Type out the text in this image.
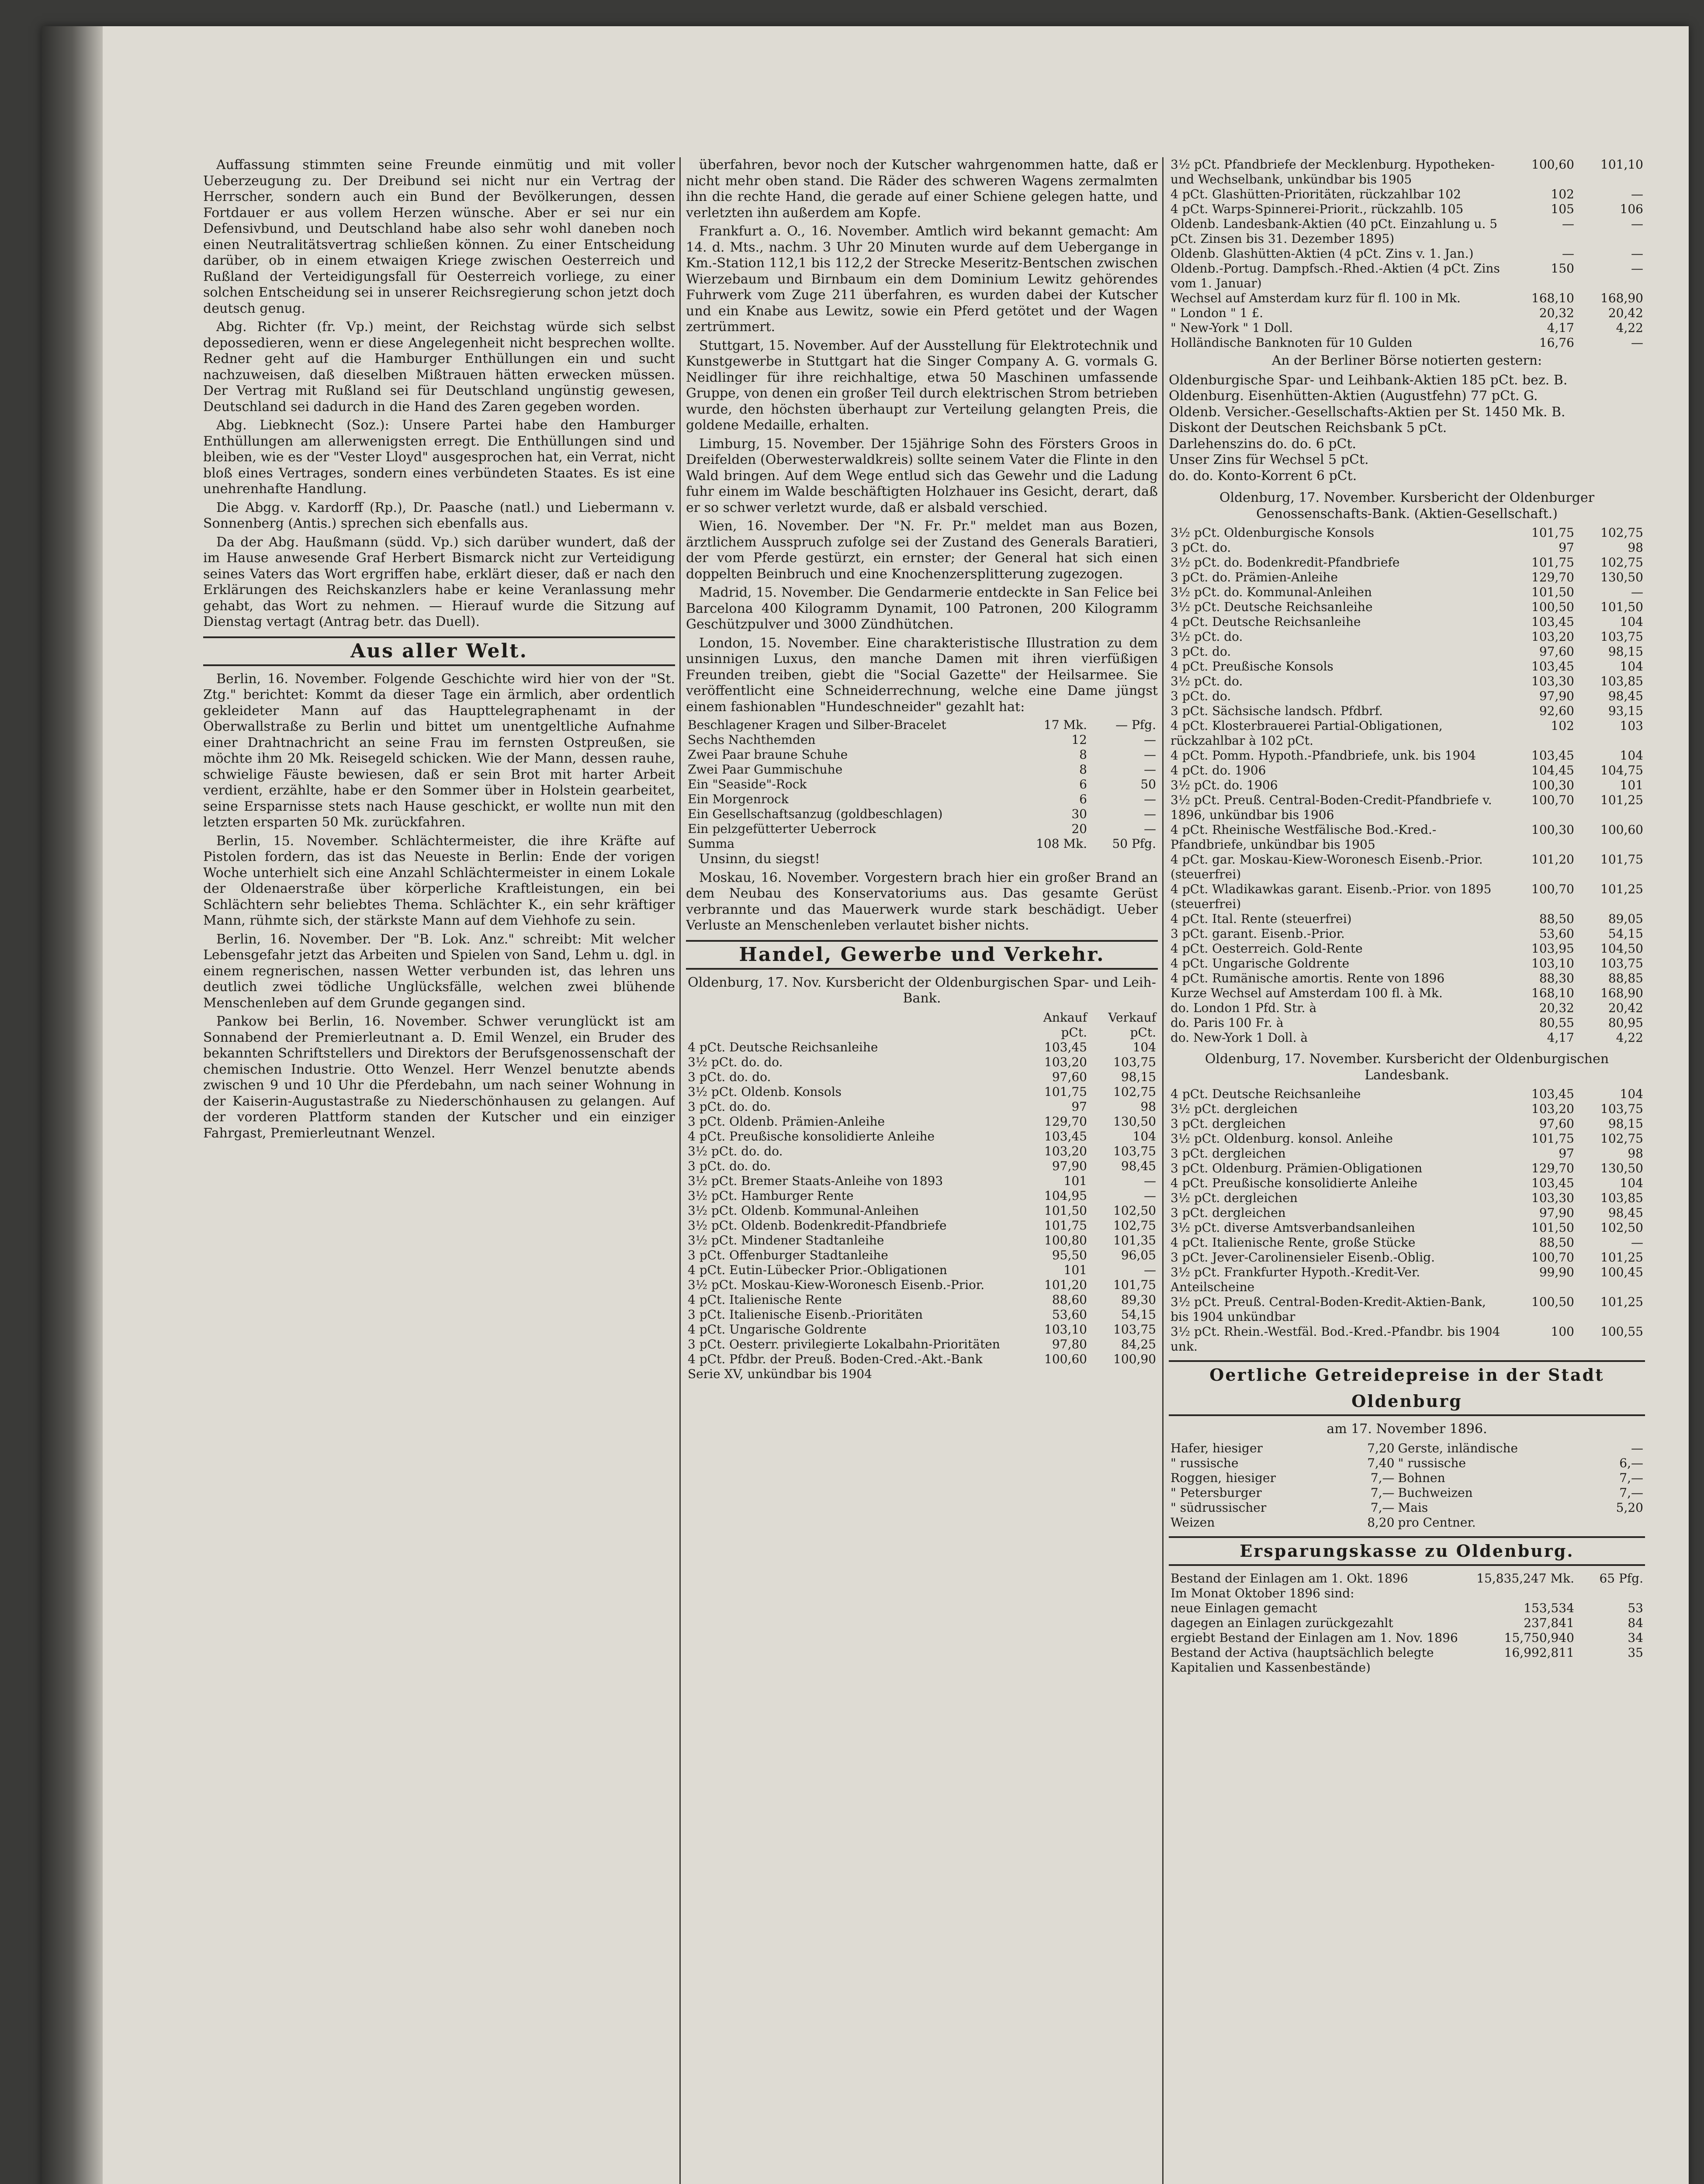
Auffassung stimmten seine Freunde einmütig und mit voller Ueberzeugung zu. Der Dreibund sei nicht nur ein Vertrag der Herrscher, sondern auch ein Bund der Bevölkerungen, dessen Fortdauer er aus vollem Herzen wünsche. Aber er sei nur ein Defensivbund, und Deutschland habe also sehr wohl daneben noch einen Neutralitätsvertrag schließen können. Zu einer Entscheidung darüber, ob in einem etwaigen Kriege zwischen Oesterreich und Rußland der Verteidigungsfall für Oesterreich vorliege, zu einer solchen Entscheidung sei in unserer Reichsregierung schon jetzt doch deutsch genug.

Abg. Richter (fr. Vp.) meint, der Reichstag würde sich selbst depossedieren, wenn er diese Angelegenheit nicht besprechen wollte. Redner geht auf die Hamburger Enthüllungen ein und sucht nachzuweisen, daß dieselben Mißtrauen hätten erwecken müssen. Der Vertrag mit Rußland sei für Deutschland ungünstig gewesen, Deutschland sei dadurch in die Hand des Zaren gegeben worden.

Abg. Liebknecht (Soz.): Unsere Partei habe den Hamburger Enthüllungen am allerwenigsten erregt. Die Enthüllungen sind und bleiben, wie es der "Vester Lloyd" ausgesprochen hat, ein Verrat, nicht bloß eines Vertrages, sondern eines verbündeten Staates. Es ist eine unehrenhafte Handlung.

Die Abgg. v. Kardorff (Rp.), Dr. Paasche (natl.) und Liebermann v. Sonnenberg (Antis.) sprechen sich ebenfalls aus.

Da der Abg. Haußmann (südd. Vp.) sich darüber wundert, daß der im Hause anwesende Graf Herbert Bismarck nicht zur Verteidigung seines Vaters das Wort ergriffen habe, erklärt dieser, daß er nach den Erklärungen des Reichskanzlers habe er keine Veranlassung mehr gehabt, das Wort zu nehmen. — Hierauf wurde die Sitzung auf Dienstag vertagt (Antrag betr. das Duell).

Aus aller Welt.

Berlin, 16. November. Folgende Geschichte wird hier von der "St. Ztg." berichtet: Kommt da dieser Tage ein ärmlich, aber ordentlich gekleideter Mann auf das Haupttelegraphenamt in der Oberwallstraße zu Berlin und bittet um unentgeltliche Aufnahme einer Drahtnachricht an seine Frau im fernsten Ostpreußen, sie möchte ihm 20 Mk. Reisegeld schicken. Wie der Mann, dessen rauhe, schwielige Fäuste bewiesen, daß er sein Brot mit harter Arbeit verdient, erzählte, habe er den Sommer über in Holstein gearbeitet, seine Ersparnisse stets nach Hause geschickt, er wollte nun mit den letzten ersparten 50 Mk. zurückfahren.

Berlin, 15. November. Schlächtermeister, die ihre Kräfte auf Pistolen fordern, das ist das Neueste in Berlin: Ende der vorigen Woche unterhielt sich eine Anzahl Schlächtermeister in einem Lokale der Oldenaerstraße über körperliche Kraftleistungen, ein bei Schlächtern sehr beliebtes Thema. Schlächter K., ein sehr kräftiger Mann, rühmte sich, der stärkste Mann auf dem Viehhofe zu sein.

Berlin, 16. November. Der "B. Lok. Anz." schreibt: Mit welcher Lebensgefahr jetzt das Arbeiten und Spielen von Sand, Lehm u. dgl. in einem regnerischen, nassen Wetter verbunden ist, das lehren uns deutlich zwei tödliche Unglücksfälle, welchen zwei blühende Menschenleben auf dem Grunde gegangen sind.

Pankow bei Berlin, 16. November. Schwer verunglückt ist am Sonnabend der Premierleutnant a. D. Emil Wenzel, ein Bruder des bekannten Schriftstellers und Direktors der Berufsgenossenschaft der chemischen Industrie. Otto Wenzel. Herr Wenzel benutzte abends zwischen 9 und 10 Uhr die Pferdebahn, um nach seiner Wohnung in der Kaiserin-Augustastraße zu Niederschönhausen zu gelangen. Auf der vorderen Plattform standen der Kutscher und ein einziger Fahrgast, Premierleutnant Wenzel.

überfahren, bevor noch der Kutscher wahrgenommen hatte, daß er nicht mehr oben stand. Die Räder des schweren Wagens zermalmten ihn die rechte Hand, die gerade auf einer Schiene gelegen hatte, und verletzten ihn außerdem am Kopfe.

Frankfurt a. O., 16. November. Amtlich wird bekannt gemacht: Am 14. d. Mts., nachm. 3 Uhr 20 Minuten wurde auf dem Uebergange in Km.-Station 112,1 bis 112,2 der Strecke Meseritz-Bentschen zwischen Wierzebaum und Birnbaum ein dem Dominium Lewitz gehörendes Fuhrwerk vom Zuge 211 überfahren, es wurden dabei der Kutscher und ein Knabe aus Lewitz, sowie ein Pferd getötet und der Wagen zertrümmert.

Stuttgart, 15. November. Auf der Ausstellung für Elektrotechnik und Kunstgewerbe in Stuttgart hat die Singer Company A. G. vormals G. Neidlinger für ihre reichhaltige, etwa 50 Maschinen umfassende Gruppe, von denen ein großer Teil durch elektrischen Strom betrieben wurde, den höchsten überhaupt zur Verteilung gelangten Preis, die goldene Medaille, erhalten.

Limburg, 15. November. Der 15jährige Sohn des Försters Groos in Dreifelden (Oberwesterwaldkreis) sollte seinem Vater die Flinte in den Wald bringen. Auf dem Wege entlud sich das Gewehr und die Ladung fuhr einem im Walde beschäftigten Holzhauer ins Gesicht, derart, daß er so schwer verletzt wurde, daß er alsbald verschied.

Wien, 16. November. Der "N. Fr. Pr." meldet man aus Bozen, ärztlichem Ausspruch zufolge sei der Zustand des Generals Baratieri, der vom Pferde gestürzt, ein ernster; der General hat sich einen doppelten Beinbruch und eine Knochenzersplitterung zugezogen.

Madrid, 15. November. Die Gendarmerie entdeckte in San Felice bei Barcelona 400 Kilogramm Dynamit, 100 Patronen, 200 Kilogramm Geschützpulver und 3000 Zündhütchen.

London, 15. November. Eine charakteristische Illustration zu dem unsinnigen Luxus, den manche Damen mit ihren vierfüßigen Freunden treiben, giebt die "Social Gazette" der Heilsarmee. Sie veröffentlicht eine Schneiderrechnung, welche eine Dame jüngst einem fashionablen "Hundeschneider" gezahlt hat:

Beschlagener Kragen und Silber-Bracelet	17 Mk.	— Pfg.
Sechs Nachthemden	12	—
Zwei Paar braune Schuhe	8	—
Zwei Paar Gummischuhe	8	—
Ein "Seaside"-Rock	6	50
Ein Morgenrock	6	—
Ein Gesellschaftsanzug (goldbeschlagen)	30	—
Ein pelzgefütterter Ueberrock	20	—
Summa	108 Mk.	50 Pfg.

Unsinn, du siegst!

Moskau, 16. November. Vorgestern brach hier ein großer Brand an dem Neubau des Konservatoriums aus. Das gesamte Gerüst verbrannte und das Mauerwerk wurde stark beschädigt. Ueber Verluste an Menschenleben verlautet bisher nichts.

Handel, Gewerbe und Verkehr.
Oldenburg, 17. Nov. Kursbericht der Oldenburgischen Spar- und Leih-Bank.
	Ankauf	Verkauf
	pCt.	pCt.
4 pCt. Deutsche Reichsanleihe	103,45	104
3½ pCt. do. do.	103,20	103,75
3 pCt. do. do.	97,60	98,15
3½ pCt. Oldenb. Konsols	101,75	102,75
3 pCt. do. do.	97	98
3 pCt. Oldenb. Prämien-Anleihe	129,70	130,50
4 pCt. Preußische konsolidierte Anleihe	103,45	104
3½ pCt. do. do.	103,20	103,75
3 pCt. do. do.	97,90	98,45
3½ pCt. Bremer Staats-Anleihe von 1893	101	—
3½ pCt. Hamburger Rente	104,95	—
3½ pCt. Oldenb. Kommunal-Anleihen	101,50	102,50
3½ pCt. Oldenb. Bodenkredit-Pfandbriefe	101,75	102,75
3½ pCt. Mindener Stadtanleihe	100,80	101,35
3 pCt. Offenburger Stadtanleihe	95,50	96,05
4 pCt. Eutin-Lübecker Prior.-Obligationen	101	—
3½ pCt. Moskau-Kiew-Woronesch Eisenb.-Prior.	101,20	101,75
4 pCt. Italienische Rente	88,60	89,30
3 pCt. Italienische Eisenb.-Prioritäten	53,60	54,15
4 pCt. Ungarische Goldrente	103,10	103,75
3 pCt. Oesterr. privilegierte Lokalbahn-Prioritäten	97,80	84,25
4 pCt. Pfdbr. der Preuß. Boden-Cred.-Akt.-Bank Serie XV, unkündbar bis 1904	100,60	100,90
3½ pCt. Pfandbriefe der Mecklenburg. Hypotheken- und Wechselbank, unkündbar bis 1905	100,60	101,10
4 pCt. Glashütten-Prioritäten, rückzahlbar 102	102	—
4 pCt. Warps-Spinnerei-Priorit., rückzahlb. 105	105	106
Oldenb. Landesbank-Aktien (40 pCt. Einzahlung u. 5 pCt. Zinsen bis 31. Dezember 1895)	—	—
Oldenb. Glashütten-Aktien (4 pCt. Zins v. 1. Jan.)	—	—
Oldenb.-Portug. Dampfsch.-Rhed.-Aktien (4 pCt. Zins vom 1. Januar)	150	—
Wechsel auf Amsterdam kurz für fl. 100 in Mk.	168,10	168,90
" London " 1 £.	20,32	20,42
" New-York " 1 Doll.	4,17	4,22
Holländische Banknoten für 10 Gulden	16,76	—
An der Berliner Börse notierten gestern:
Oldenburgische Spar- und Leihbank-Aktien 185 pCt. bez. B.
Oldenburg. Eisenhütten-Aktien (Augustfehn) 77 pCt. G.
Oldenb. Versicher.-Gesellschafts-Aktien per St. 1450 Mk. B.
Diskont der Deutschen Reichsbank 5 pCt.
Darlehenszins do. do. 6 pCt.
Unser Zins für Wechsel 5 pCt.
do. do. Konto-Korrent 6 pCt.
Oldenburg, 17. November. Kursbericht der Oldenburger Genossenschafts-Bank. (Aktien-Gesellschaft.)
3½ pCt. Oldenburgische Konsols	101,75	102,75
3 pCt. do.	97	98
3½ pCt. do. Bodenkredit-Pfandbriefe	101,75	102,75
3 pCt. do. Prämien-Anleihe	129,70	130,50
3½ pCt. do. Kommunal-Anleihen	101,50	—
3½ pCt. Deutsche Reichsanleihe	100,50	101,50
4 pCt. Deutsche Reichsanleihe	103,45	104
3½ pCt. do.	103,20	103,75
3 pCt. do.	97,60	98,15
4 pCt. Preußische Konsols	103,45	104
3½ pCt. do.	103,30	103,85
3 pCt. do.	97,90	98,45
3 pCt. Sächsische landsch. Pfdbrf.	92,60	93,15
4 pCt. Klosterbrauerei Partial-Obligationen, rückzahlbar à 102 pCt.	102	103
4 pCt. Pomm. Hypoth.-Pfandbriefe, unk. bis 1904	103,45	104
4 pCt. do. 1906	104,45	104,75
3½ pCt. do. 1906	100,30	101
3½ pCt. Preuß. Central-Boden-Credit-Pfandbriefe v. 1896, unkündbar bis 1906	100,70	101,25
4 pCt. Rheinische Westfälische Bod.-Kred.-Pfandbriefe, unkündbar bis 1905	100,30	100,60
4 pCt. gar. Moskau-Kiew-Woronesch Eisenb.-Prior. (steuerfrei)	101,20	101,75
4 pCt. Wladikawkas garant. Eisenb.-Prior. von 1895 (steuerfrei)	100,70	101,25
4 pCt. Ital. Rente (steuerfrei)	88,50	89,05
3 pCt. garant. Eisenb.-Prior.	53,60	54,15
4 pCt. Oesterreich. Gold-Rente	103,95	104,50
4 pCt. Ungarische Goldrente	103,10	103,75
4 pCt. Rumänische amortis. Rente von 1896	88,30	88,85
Kurze Wechsel auf Amsterdam 100 fl. à Mk.	168,10	168,90
do. London 1 Pfd. Str. à	20,32	20,42
do. Paris 100 Fr. à	80,55	80,95
do. New-York 1 Doll. à	4,17	4,22
Oldenburg, 17. November. Kursbericht der Oldenburgischen Landesbank.
4 pCt. Deutsche Reichsanleihe	103,45	104
3½ pCt. dergleichen	103,20	103,75
3 pCt. dergleichen	97,60	98,15
3½ pCt. Oldenburg. konsol. Anleihe	101,75	102,75
3 pCt. dergleichen	97	98
3 pCt. Oldenburg. Prämien-Obligationen	129,70	130,50
4 pCt. Preußische konsolidierte Anleihe	103,45	104
3½ pCt. dergleichen	103,30	103,85
3 pCt. dergleichen	97,90	98,45
3½ pCt. diverse Amtsverbandsanleihen	101,50	102,50
4 pCt. Italienische Rente, große Stücke	88,50	—
3 pCt. Jever-Carolinensieler Eisenb.-Oblig.	100,70	101,25
3½ pCt. Frankfurter Hypoth.-Kredit-Ver. Anteilscheine	99,90	100,45
3½ pCt. Preuß. Central-Boden-Kredit-Aktien-Bank, bis 1904 unkündbar	100,50	101,25
3½ pCt. Rhein.-Westfäl. Bod.-Kred.-Pfandbr. bis 1904 unk.	100	100,55
Oertliche Getreidepreise in der Stadt Oldenburg
am 17. November 1896.
Hafer, hiesiger	7,20	Gerste, inländische	—
" russische	7,40	" russische	6,—
Roggen, hiesiger	7,—	Bohnen	7,—
" Petersburger	7,—	Buchweizen	7,—
" südrussischer	7,—	Mais	5,20
Weizen	8,20	pro Centner.	
Ersparungskasse zu Oldenburg.
Bestand der Einlagen am 1. Okt. 1896	15,835,247 Mk.	65 Pfg.
Im Monat Oktober 1896 sind:		
neue Einlagen gemacht	153,534	53
dagegen an Einlagen zurückgezahlt	237,841	84
ergiebt Bestand der Einlagen am 1. Nov. 1896	15,750,940	34
Bestand der Activa (hauptsächlich belegte Kapitalien und Kassenbestände)	16,992,811	35
